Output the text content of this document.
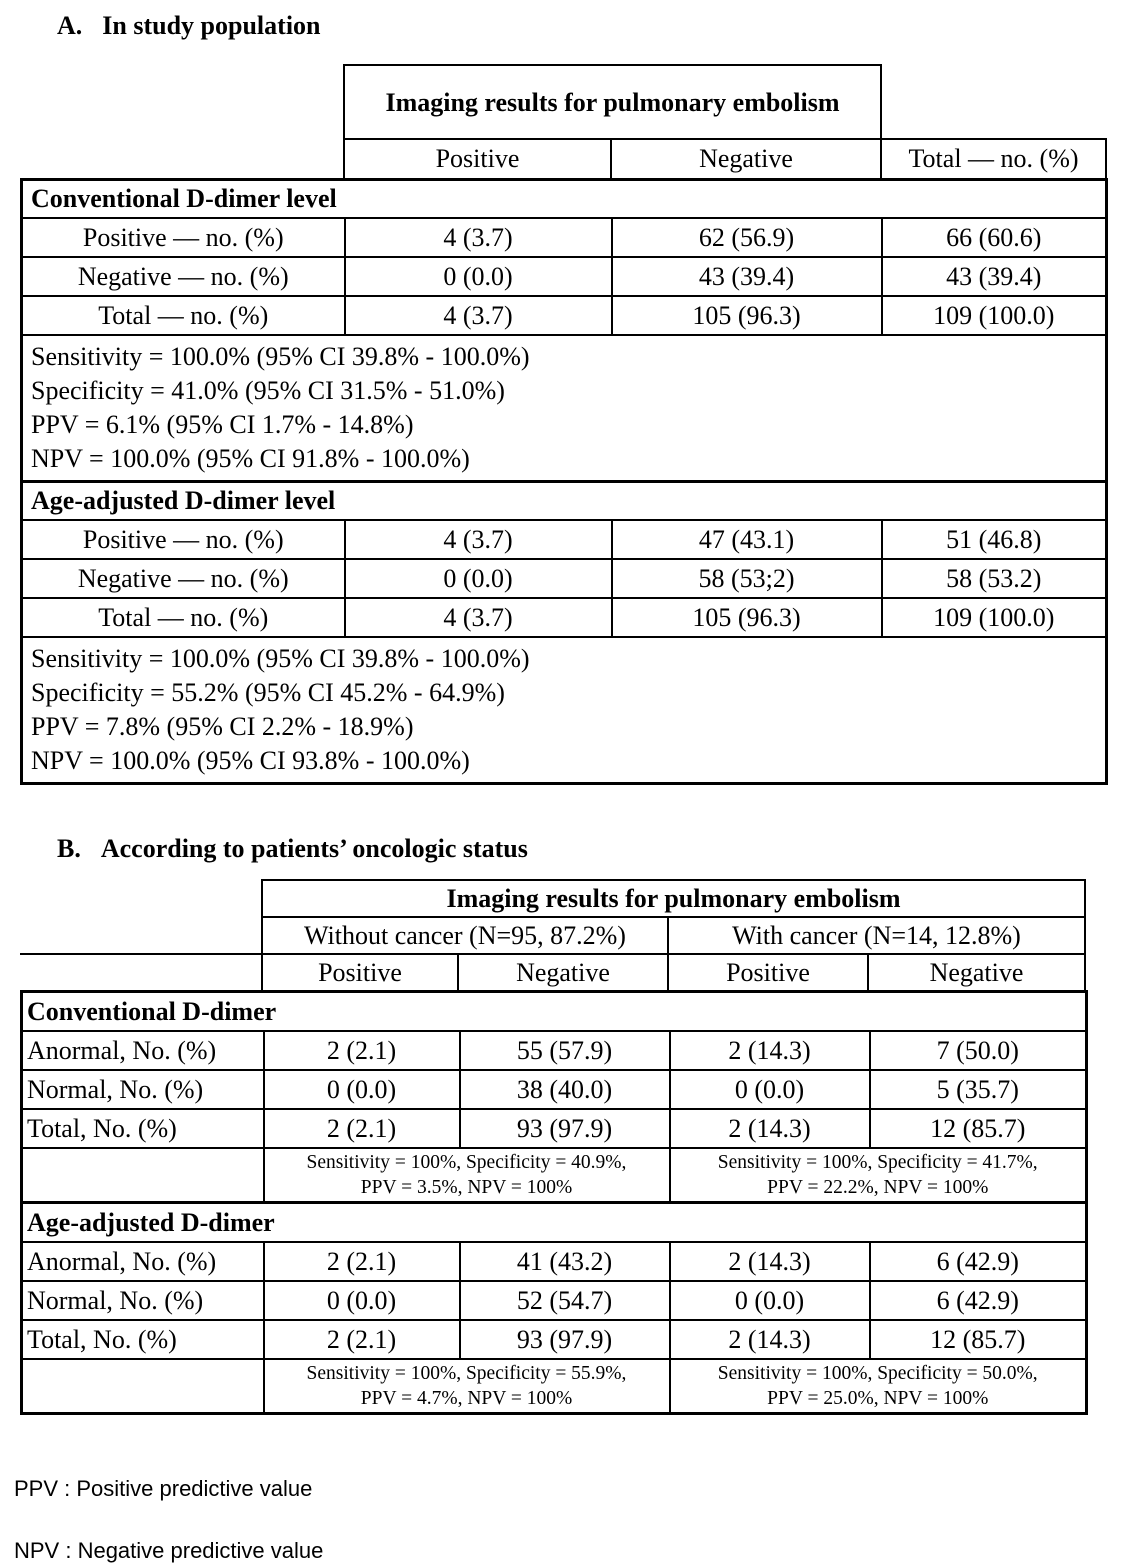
A. In study population
Imaging results for pulmonary embolism		

Positive	Negative	Total — no. (%)
Conventional D-dimer level			
Positive — no. (%)	4 (3.7)	62 (56.9)	66 (60.6)
Negative — no. (%)	0 (0.0)	43 (39.4)	43 (39.4)
Total — no. (%)	4 (3.7)	105 (96.3)	109 (100.0)

Sensitivity = 100.0% (95% CI 39.8% - 100.0%)
Specificity = 41.0% (95% CI 31.5% - 51.0%)
PPV = 6.1% (95% CI 1.7% - 14.8%)
NPV = 100.0% (95% CI 91.8% - 100.0%)			

Age-adjusted D-dimer level			
Positive — no. (%)	4 (3.7)	47 (43.1)	51 (46.8)
Negative — no. (%)	0 (0.0)	58 (53;2)	58 (53.2)
Total — no. (%)	4 (3.7)	105 (96.3)	109 (100.0)

Sensitivity = 100.0% (95% CI 39.8% - 100.0%)
Specificity = 55.2% (95% CI 45.2% - 64.9%)
PPV = 7.8% (95% CI 2.2% - 18.9%)
NPV = 100.0% (95% CI 93.8% - 100.0%)			
B. According to patients’ oncologic status
	Imaging results for pulmonary embolism			
	Without cancer (N=95, 87.2%)		With cancer (N=14, 12.8%)	
	Positive	Negative	Positive	Negative
Conventional D-dimer				
Anormal, No. (%)	2 (2.1)	55 (57.9)	2 (14.3)	7 (50.0)
Normal, No. (%)	0 (0.0)	38 (40.0)	0 (0.0)	5 (35.7)
Total, No. (%)	2 (2.1)	93 (97.9)	2 (14.3)	12 (85.7)

Sensitivity = 100%, Specificity = 40.9%,
PPV = 3.5%, NPV = 100%

Sensitivity = 100%, Specificity = 41.7%,
PPV = 22.2%, NPV = 100%

Age-adjusted D-dimer				
Anormal, No. (%)	2 (2.1)	41 (43.2)	2 (14.3)	6 (42.9)
Normal, No. (%)	0 (0.0)	52 (54.7)	0 (0.0)	6 (42.9)
Total, No. (%)	2 (2.1)	93 (97.9)	2 (14.3)	12 (85.7)

Sensitivity = 100%, Specificity = 55.9%,
PPV = 4.7%, NPV = 100%

Sensitivity = 100%, Specificity = 50.0%,
PPV = 25.0%, NPV = 100%
PPV : Positive predictive value
NPV : Negative predictive value
